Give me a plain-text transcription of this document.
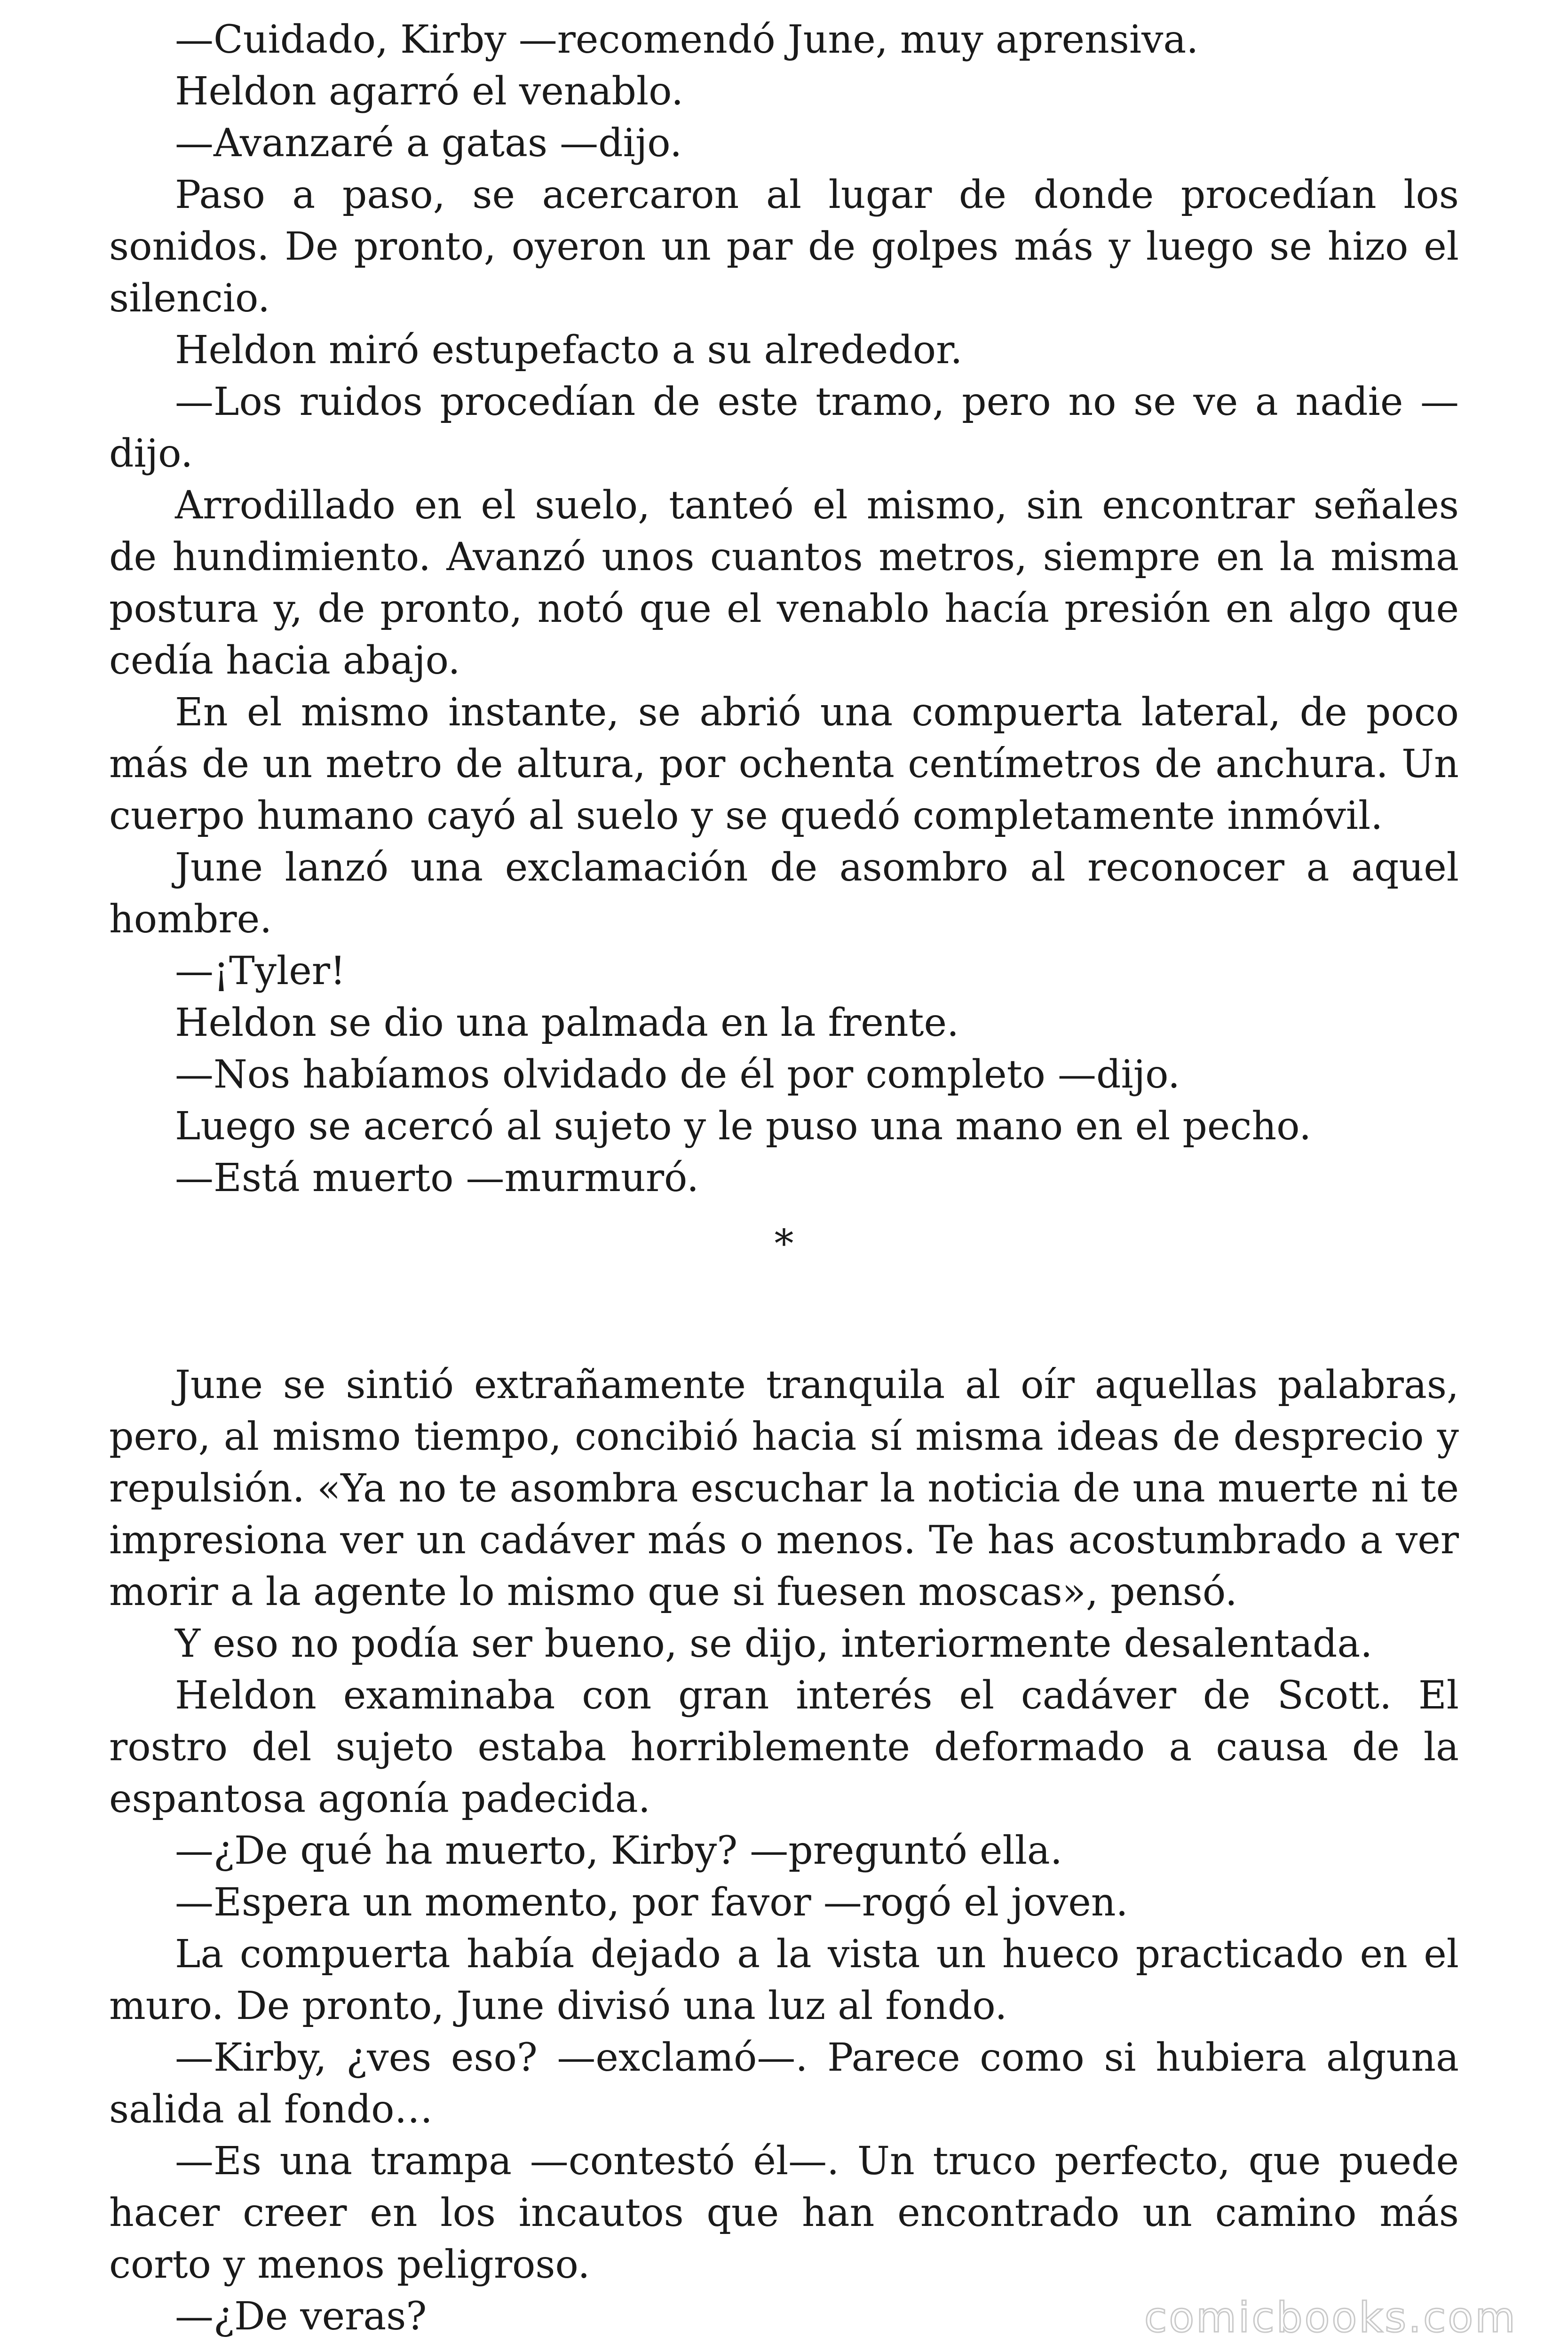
—Cuidado, Kirby —recomendó June, muy aprensiva.

Heldon agarró el venablo.

—Avanzaré a gatas —dijo.

Paso a paso, se acercaron al lugar de donde procedían los sonidos. De pronto, oyeron un par de golpes más y luego se hizo el silencio.

Heldon miró estupefacto a su alrededor.

—Los ruidos procedían de este tramo, pero no se ve a nadie —dijo.

Arrodillado en el suelo, tanteó el mismo, sin encontrar señales de hundimiento. Avanzó unos cuantos metros, siempre en la misma postura y, de pronto, notó que el venablo hacía presión en algo que cedía hacia abajo.

En el mismo instante, se abrió una compuerta lateral, de poco más de un metro de altura, por ochenta centímetros de anchura. Un cuerpo humano cayó al suelo y se quedó completamente inmóvil.

June lanzó una exclamación de asombro al reconocer a aquel hombre.

—¡Tyler!

Heldon se dio una palmada en la frente.

—Nos habíamos olvidado de él por completo —dijo.

Luego se acercó al sujeto y le puso una mano en el pecho.

—Está muerto —murmuró.

*

June se sintió extrañamente tranquila al oír aquellas palabras, pero, al mismo tiempo, concibió hacia sí misma ideas de desprecio y repulsión. «Ya no te asombra escuchar la noticia de una muerte ni te impresiona ver un cadáver más o menos. Te has acostumbrado a ver morir a la agente lo mismo que si fuesen moscas», pensó.

Y eso no podía ser bueno, se dijo, interiormente desalentada.

Heldon examinaba con gran interés el cadáver de Scott. El rostro del sujeto estaba horriblemente deformado a causa de la espantosa agonía padecida.

—¿De qué ha muerto, Kirby? —preguntó ella.

—Espera un momento, por favor —rogó el joven.

La compuerta había dejado a la vista un hueco practicado en el muro. De pronto, June divisó una luz al fondo.

—Kirby, ¿ves eso? —exclamó—. Parece como si hubiera alguna salida al fondo…

—Es una trampa —contestó él—. Un truco perfecto, que puede hacer creer en los incautos que han encontrado un camino más corto y menos peligroso.

—¿De veras?	comicbooks.com
